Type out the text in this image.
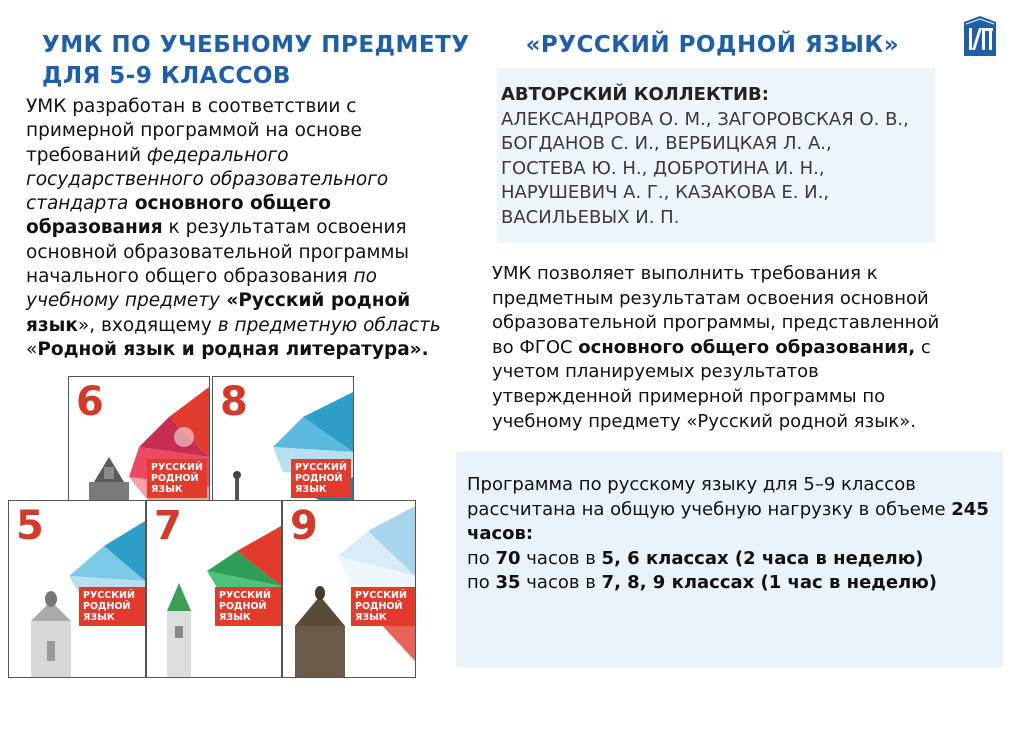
УМК ПО УЧЕБНОМУ ПРЕДМЕТУ «РУССКИЙ РОДНОЙ ЯЗЫК»
ДЛЯ 5-9 КЛАССОВ
УМК разработан в соответствии с примерной программой на основе требований федерального государственного образовательного стандарта основного общего образования к результатам освоения основной образовательной программы начального общего образования по учебному предмету «Русский родной язык», входящему в предметную область «Родной язык и родная литература».
АВТОРСКИЙ КОЛЛЕКТИВ:
АЛЕКСАНДРОВА О. М., ЗАГОРОВСКАЯ О. В.,
БОГДАНОВ С. И., ВЕРБИЦКАЯ Л. А.,
ГОСТЕВА Ю. Н., ДОБРОТИНА И. Н.,
НАРУШЕВИЧ А. Г., КАЗАКОВА Е. И.,
ВАСИЛЬЕВЫХ И. П.
УМК позволяет выполнить требования к предметным результатам освоения основной образовательной программы, представленной во ФГОС основного общего образования, с учетом планируемых результатов утвержденной примерной программы по учебному предмету «Русский родной язык».
Программа по русскому языку для 5–9 классов рассчитана на общую учебную нагрузку в объеме 245 часов:
по 70 часов в 5, 6 классах (2 часа в неделю)
по 35 часов в 7, 8, 9 классах (1 час в неделю)
6
РУССКИЙ РОДНОЙ ЯЗЫК
8
РУССКИЙ РОДНОЙ ЯЗЫК
5
РУССКИЙ РОДНОЙ ЯЗЫК
7
РУССКИЙ РОДНОЙ ЯЗЫК
9
РУССКИЙ РОДНОЙ ЯЗЫК
